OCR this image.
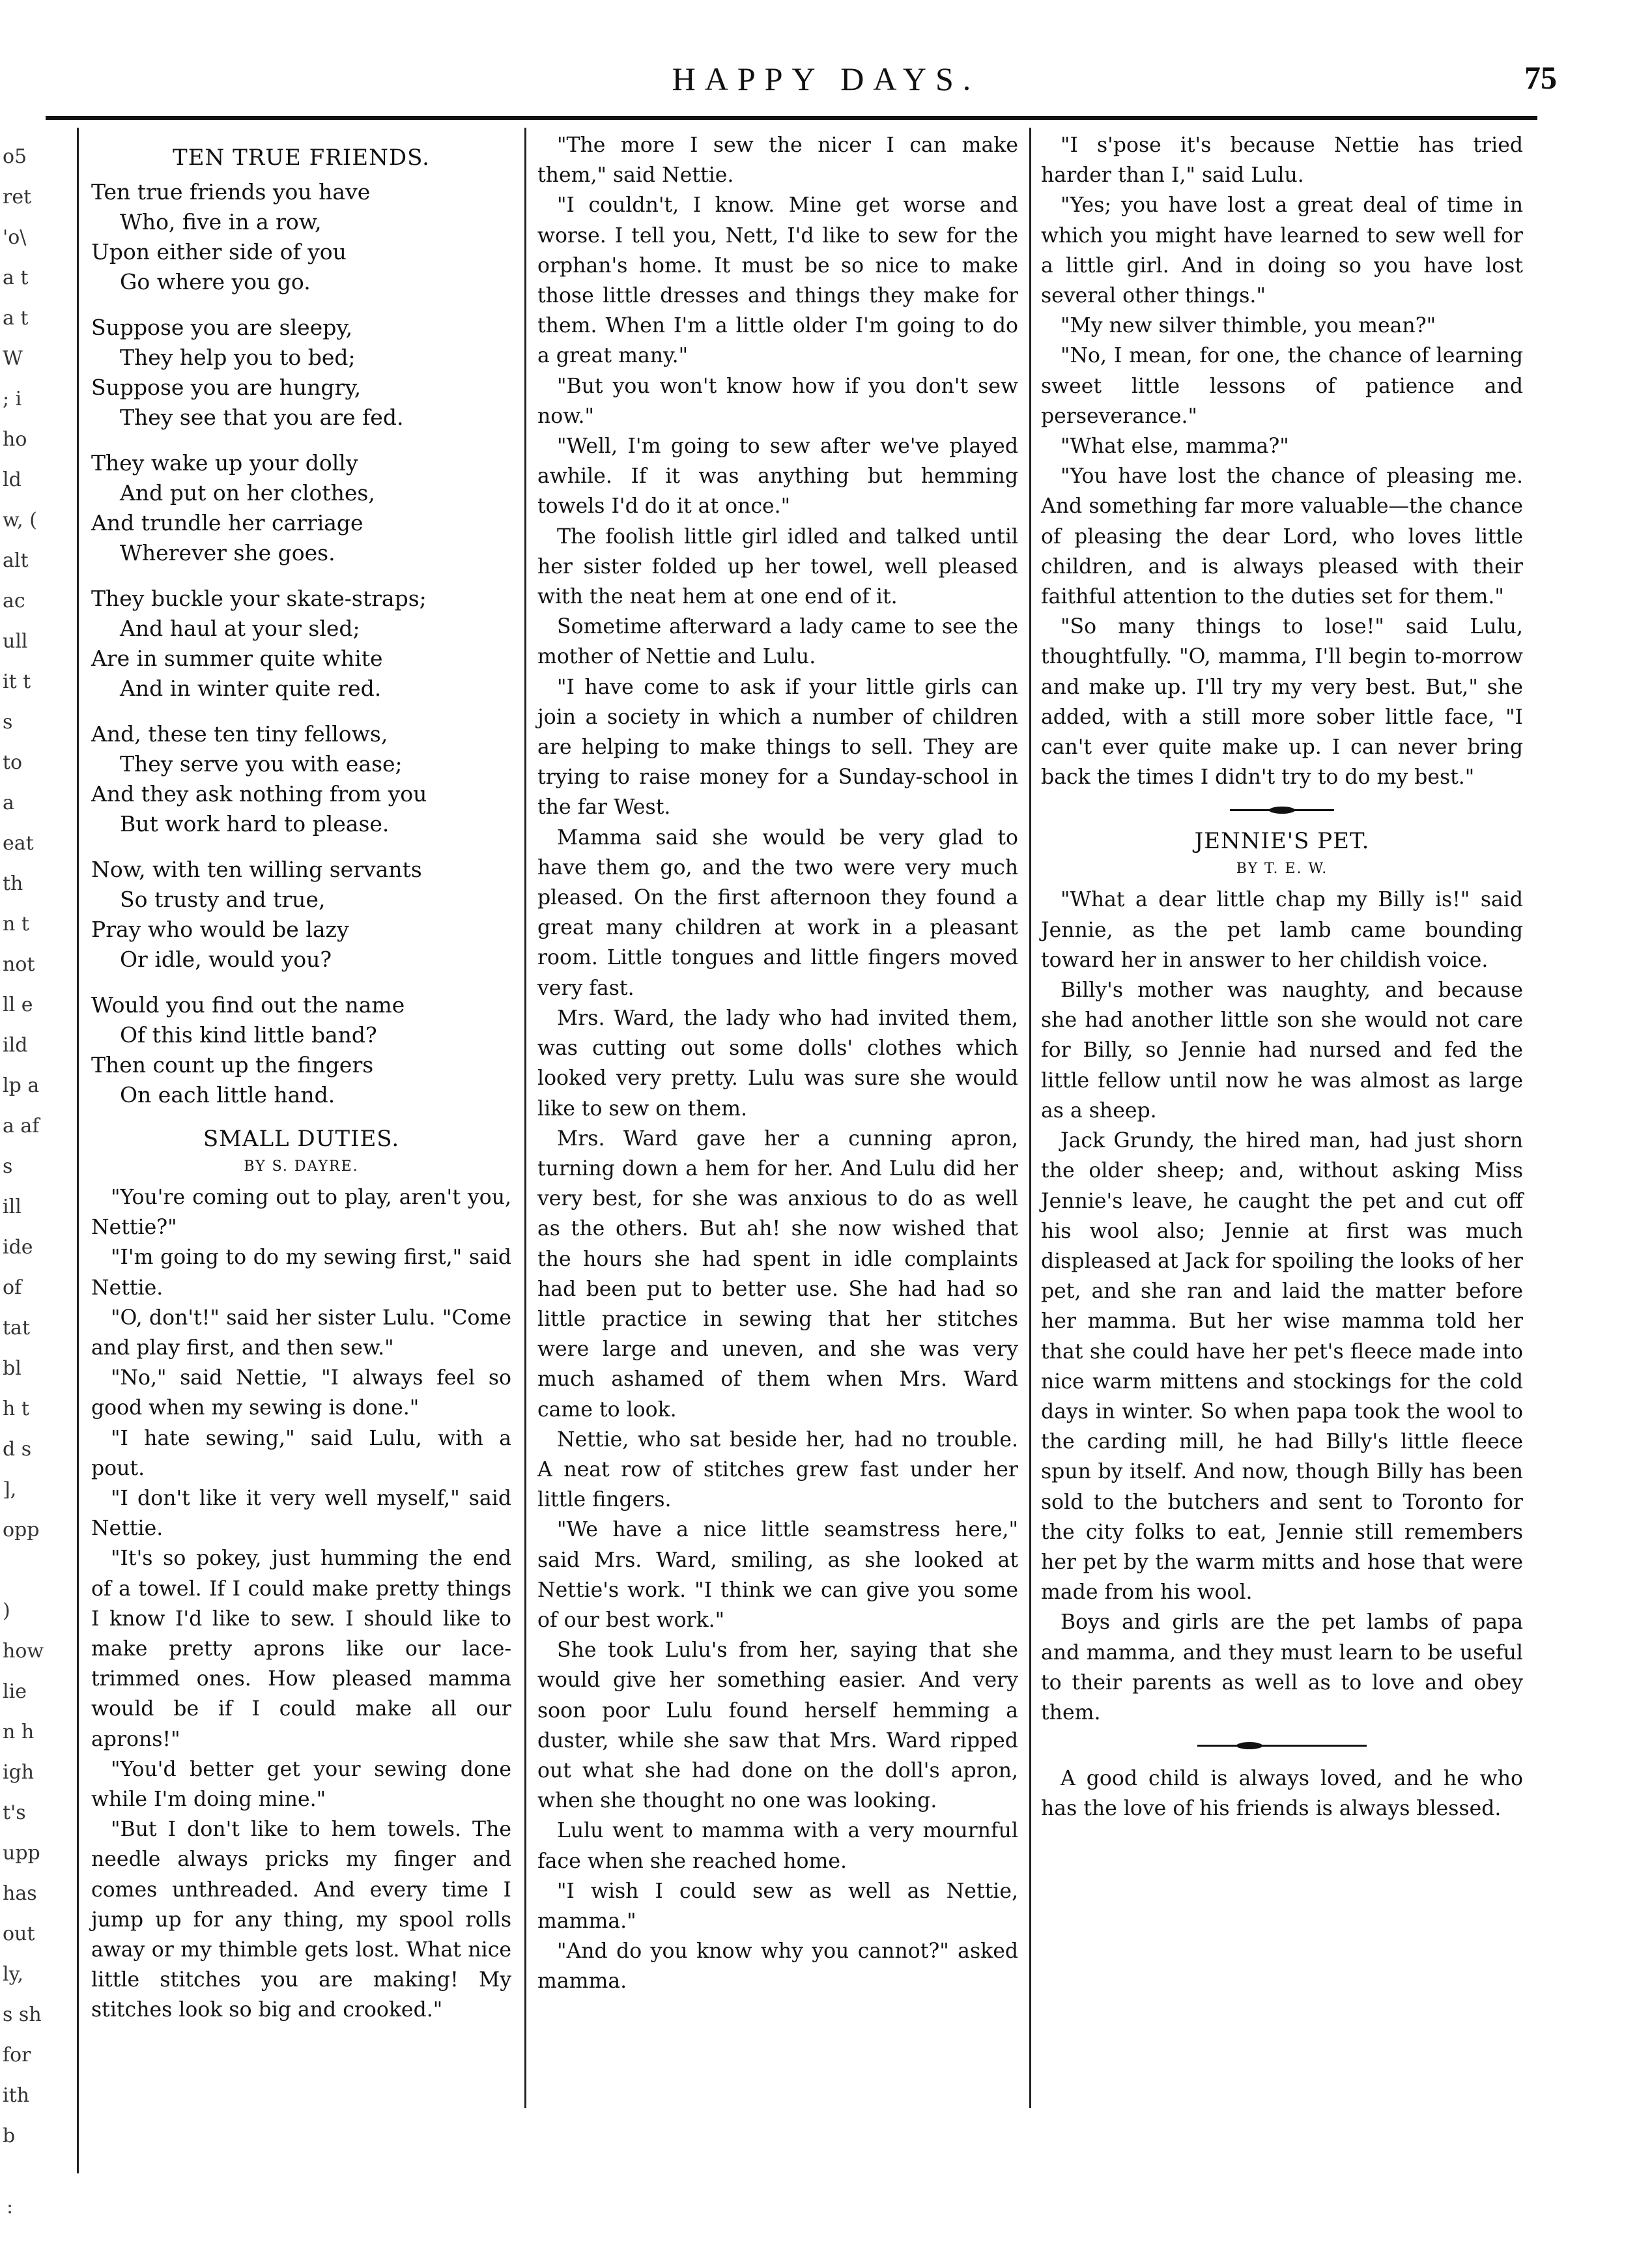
HAPPY DAYS.	75
o5
ret
'o\
a t
a t
W
; i
ho
ld
w, (
alt
ac
ull
it t
s
to
a
eat
th
n t
not
ll e
ild
lp a
a af
s
ill
ide
of
tat
bl
h t
d s
],
opp
)
how
lie
n h
igh
t's
upp
has
out
ly,
s sh
for
ith
b
TEN TRUE FRIENDS.
Ten true friends you have
Who, five in a row,
Upon either side of you
Go where you go.
Suppose you are sleepy,
They help you to bed;
Suppose you are hungry,
They see that you are fed.
They wake up your dolly
And put on her clothes,
And trundle her carriage
Wherever she goes.
They buckle your skate-straps;
And haul at your sled;
Are in summer quite white
And in winter quite red.
And, these ten tiny fellows,
They serve you with ease;
And they ask nothing from you
But work hard to please.
Now, with ten willing servants
So trusty and true,
Pray who would be lazy
Or idle, would you?
Would you find out the name
Of this kind little band?
Then count up the fingers
On each little hand.
SMALL DUTIES.
BY S. DAYRE.

"You're coming out to play, aren't you, Nettie?"

"I'm going to do my sewing first," said Nettie.

"O, don't!" said her sister Lulu. "Come and play first, and then sew."

"No," said Nettie, "I always feel so good when my sewing is done."

"I hate sewing," said Lulu, with a pout.

"I don't like it very well myself," said Nettie.

"It's so pokey, just humming the end of a towel. If I could make pretty things I know I'd like to sew. I should like to make pretty aprons like our lace-trimmed ones. How pleased mamma would be if I could make all our aprons!"

"You'd better get your sewing done while I'm doing mine."

"But I don't like to hem towels. The needle always pricks my finger and comes unthreaded. And every time I jump up for any thing, my spool rolls away or my thimble gets lost. What nice little stitches you are making! My stitches look so big and crooked."

"The more I sew the nicer I can make them," said Nettie.

"I couldn't, I know. Mine get worse and worse. I tell you, Nett, I'd like to sew for the orphan's home. It must be so nice to make those little dresses and things they make for them. When I'm a little older I'm going to do a great many."

"But you won't know how if you don't sew now."

"Well, I'm going to sew after we've played awhile. If it was anything but hemming towels I'd do it at once."

The foolish little girl idled and talked until her sister folded up her towel, well pleased with the neat hem at one end of it.

Sometime afterward a lady came to see the mother of Nettie and Lulu.

"I have come to ask if your little girls can join a society in which a number of children are helping to make things to sell. They are trying to raise money for a Sunday-school in the far West.

Mamma said she would be very glad to have them go, and the two were very much pleased. On the first afternoon they found a great many children at work in a pleasant room. Little tongues and little fingers moved very fast.

Mrs. Ward, the lady who had invited them, was cutting out some dolls' clothes which looked very pretty. Lulu was sure she would like to sew on them.

Mrs. Ward gave her a cunning apron, turning down a hem for her. And Lulu did her very best, for she was anxious to do as well as the others. But ah! she now wished that the hours she had spent in idle complaints had been put to better use. She had had so little practice in sewing that her stitches were large and uneven, and she was very much ashamed of them when Mrs. Ward came to look.

Nettie, who sat beside her, had no trouble. A neat row of stitches grew fast under her little fingers.

"We have a nice little seamstress here," said Mrs. Ward, smiling, as she looked at Nettie's work. "I think we can give you some of our best work."

She took Lulu's from her, saying that she would give her something easier. And very soon poor Lulu found herself hemming a duster, while she saw that Mrs. Ward ripped out what she had done on the doll's apron, when she thought no one was looking.

Lulu went to mamma with a very mournful face when she reached home.

"I wish I could sew as well as Nettie, mamma."

"And do you know why you cannot?" asked mamma.

"I s'pose it's because Nettie has tried harder than I," said Lulu.

"Yes; you have lost a great deal of time in which you might have learned to sew well for a little girl. And in doing so you have lost several other things."

"My new silver thimble, you mean?"

"No, I mean, for one, the chance of learning sweet little lessons of patience and perseverance."

"What else, mamma?"

"You have lost the chance of pleasing me. And something far more valuable—the chance of pleasing the dear Lord, who loves little children, and is always pleased with their faithful attention to the duties set for them."

"So many things to lose!" said Lulu, thoughtfully. "O, mamma, I'll begin to-morrow and make up. I'll try my very best. But," she added, with a still more sober little face, "I can't ever quite make up. I can never bring back the times I didn't try to do my best."

JENNIE'S PET.
BY T. E. W.

"What a dear little chap my Billy is!" said Jennie, as the pet lamb came bounding toward her in answer to her childish voice.

Billy's mother was naughty, and because she had another little son she would not care for Billy, so Jennie had nursed and fed the little fellow until now he was almost as large as a sheep.

Jack Grundy, the hired man, had just shorn the older sheep; and, without asking Miss Jennie's leave, he caught the pet and cut off his wool also; Jennie at first was much displeased at Jack for spoiling the looks of her pet, and she ran and laid the matter before her mamma. But her wise mamma told her that she could have her pet's fleece made into nice warm mittens and stockings for the cold days in winter. So when papa took the wool to the carding mill, he had Billy's little fleece spun by itself. And now, though Billy has been sold to the butchers and sent to Toronto for the city folks to eat, Jennie still remembers her pet by the warm mitts and hose that were made from his wool.

Boys and girls are the pet lambs of papa and mamma, and they must learn to be useful to their parents as well as to love and obey them.

A good child is always loved, and he who has the love of his friends is always blessed.

:
